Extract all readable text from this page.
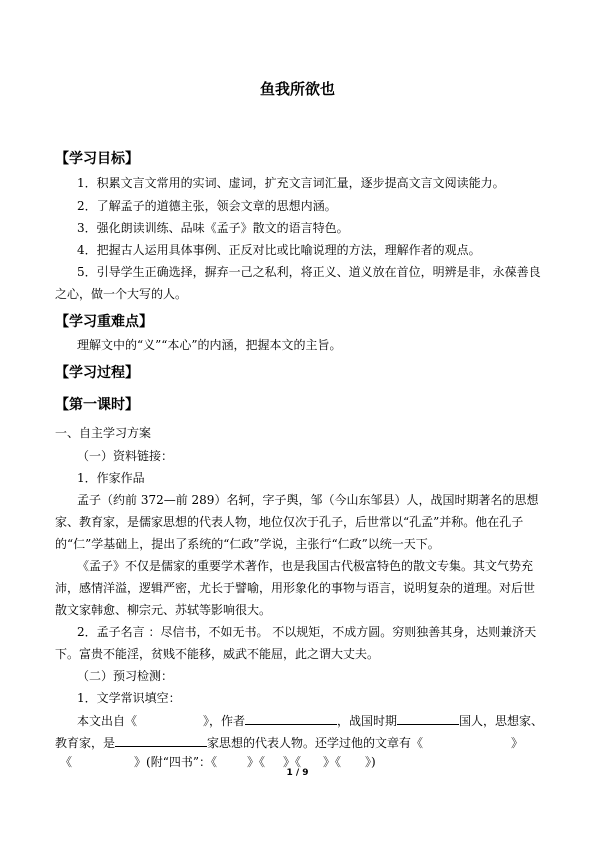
鱼我所欲也
【学习目标】
1．积累文言文常用的实词、虚词，扩充文言词汇量，逐步提高文言文阅读能力。
2．了解孟子的道德主张，领会文章的思想内涵。
3．强化朗读训练、品味《孟子》散文的语言特色。
4．把握古人运用具体事例、正反对比或比喻说理的方法，理解作者的观点。
5．引导学生正确选择，摒弃一己之私利，将正义、道义放在首位，明辨是非，永葆善良
之心，做一个大写的人。
【学习重难点】
理解文中的“义”“本心”的内涵，把握本文的主旨。
【学习过程】
【第一课时】
一、自主学习方案
（一）资料链接：
1．作家作品
孟子（约前 372—前 289）名轲，字子舆，邹（今山东邹县）人，战国时期著名的思想
家、教育家，是儒家思想的代表人物，地位仅次于孔子，后世常以“孔孟”并称。他在孔子
的“仁”学基础上，提出了系统的“仁政”学说，主张行“仁政”以统一天下。
《孟子》不仅是儒家的重要学术著作，也是我国古代极富特色的散文专集。其文气势充
沛，感情洋溢，逻辑严密，尤长于譬喻，用形象化的事物与语言，说明复杂的道理。对后世
散文家韩愈、柳宗元、苏轼等影响很大。
2．孟子名言 ：尽信书，不如无书。 不以规矩，不成方圆。穷则独善其身，达则兼济天
下。富贵不能淫，贫贱不能移，威武不能屈，此之谓大丈夫。
（二）预习检测：
1．文学常识填空：
本文出自《	》，作者	，战国时期	国人，思想家、
教育家，是	家思想的代表人物。还学过他的文章有《	》
《	》(附“四书”：《	》《 》《 》《 》)
1 / 9
